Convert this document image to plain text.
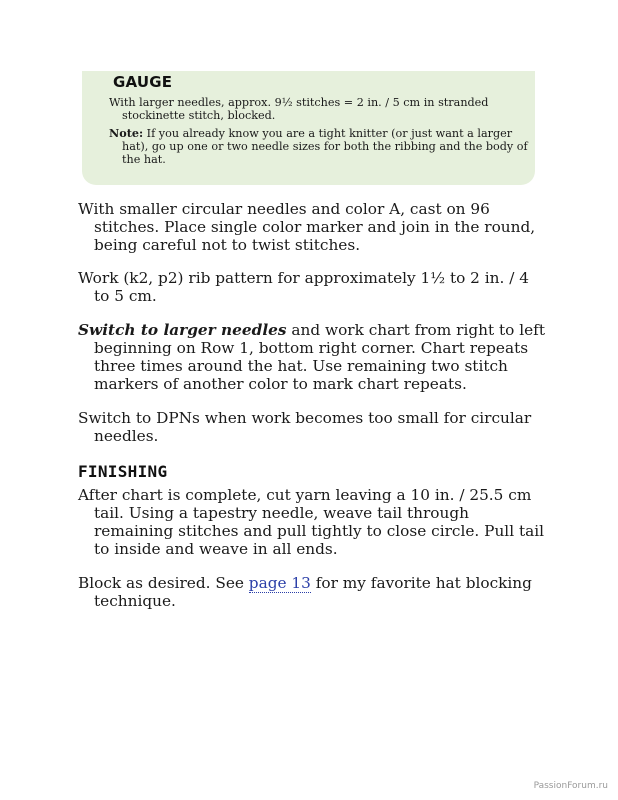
GAUGE
With larger needles, approx. 9½ stitches = 2 in. / 5 cm in stranded stockinette stitch, blocked.
Note: If you already know you are a tight knitter (or just want a larger hat), go up one or two needle sizes for both the ribbing and the body of the hat.
With smaller circular needles and color A, cast on 96 stitches. Place single color marker and join in the round, being careful not to twist stitches.
Work (k2, p2) rib pattern for approximately 1½ to 2 in. / 4 to 5 cm.
Switch to larger needles and work chart from right to left beginning on Row 1, bottom right corner. Chart repeats three times around the hat. Use remaining two stitch markers of another color to mark chart repeats.
Switch to DPNs when work becomes too small for circular needles.
FINISHING
After chart is complete, cut yarn leaving a 10 in. / 25.5 cm tail. Using a tapestry needle, weave tail through remaining stitches and pull tightly to close circle. Pull tail to inside and weave in all ends.
Block as desired. See page 13 for my favorite hat blocking technique.
PassionForum.ru
